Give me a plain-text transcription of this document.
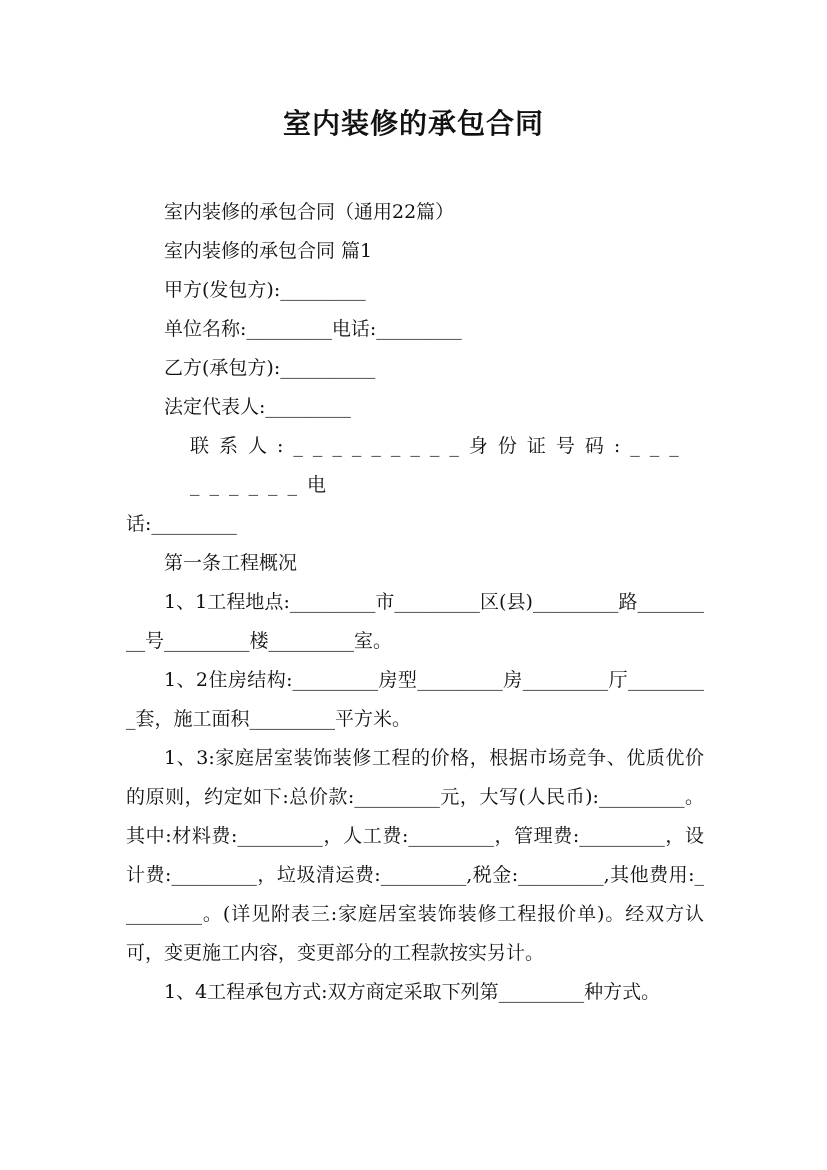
室内装修的承包合同

室内装修的承包合同（通用22篇）

室内装修的承包合同 篇1

甲方(发包方):_________

单位名称:_________电话:_________

乙方(承包方):__________

法定代表人:_________

联系人:_________身份证号码:_________电

话:_________

第一条工程概况

1、1工程地点:_________市_________区(县)_________路_________号_________楼_________室。

1、2住房结构:_________房型_________房_________厅_________套，施工面积_________平方米。

1、3:家庭居室装饰装修工程的价格，根据市场竞争、优质优价的原则，约定如下:总价款:_________元，大写(人民币):_________。其中:材料费:_________，人工费:_________，管理费:_________，设计费:_________，垃圾清运费:_________,税金:_________,其他费用:_________。(详见附表三:家庭居室装饰装修工程报价单)。经双方认可，变更施工内容，变更部分的工程款按实另计。

1、4工程承包方式:双方商定采取下列第_________种方式。
